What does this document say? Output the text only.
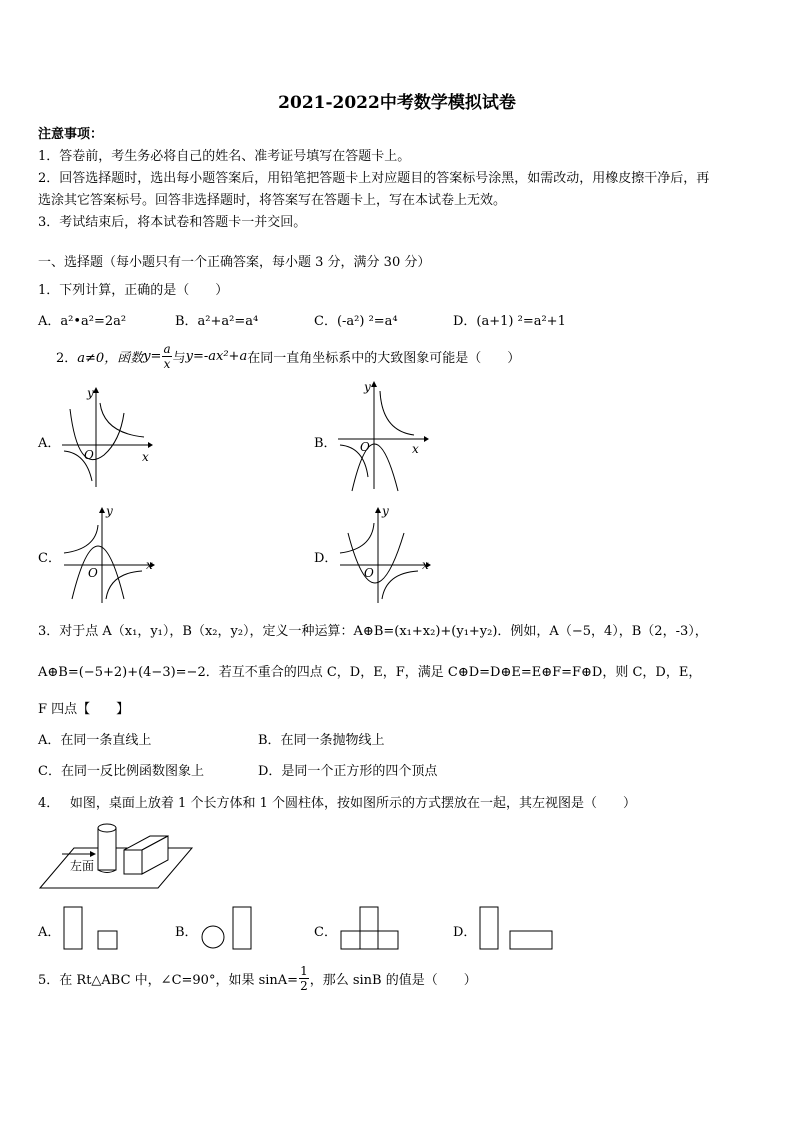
2021-2022中考数学模拟试卷
注意事项：
1．答卷前，考生务必将自己的姓名、准考证号填写在答题卡上。
2．回答选择题时，选出每小题答案后，用铅笔把答题卡上对应题目的答案标号涂黑，如需改动，用橡皮擦干净后，再
选涂其它答案标号。回答非选择题时，将答案写在答题卡上，写在本试卷上无效。
3．考试结束后，将本试卷和答题卡一并交回。
一、选择题（每小题只有一个正确答案，每小题 3 分，满分 30 分）
1．下列计算，正确的是（　　）
A．a²•a²=2a²	B．a²+a²=a⁴	C．(-a²) ²=a⁴	D．(a+1) ²=a²+1
2． a≠0，函数 $y= \frac{a}{x}$ 与 y=-ax²+a 在同一直角坐标系中的大致图象可能是（　　）
A．	B．
C．	D．
y
x
O
y
x
O
y
x
O
y
x
O
3．对于点 A（x₁，y₁），B（x₂，y₂），定义一种运算：A⊕B=(x₁+x₂)+(y₁+y₂)．例如，A（−5，4），B（2，-3），
A⊕B=(−5+2)+(4−3)=−2．若互不重合的四点 C，D，E，F，满足 C⊕D=D⊕E=E⊕F=F⊕D，则 C，D，E，
F 四点【　　】
A．在同一条直线上	B．在同一条抛物线上
C．在同一反比例函数图象上	D．是同一个正方形的四个顶点
4．　 如图，桌面上放着 1 个长方体和 1 个圆柱体，按如图所示的方式摆放在一起，其左视图是（　　）
左面
A．	B．	C．	D．
5．在 Rt△ABC 中，∠C=90°，如果 $\sin A= \frac{1}{2}$ ，那么 sinB 的值是（　　）
